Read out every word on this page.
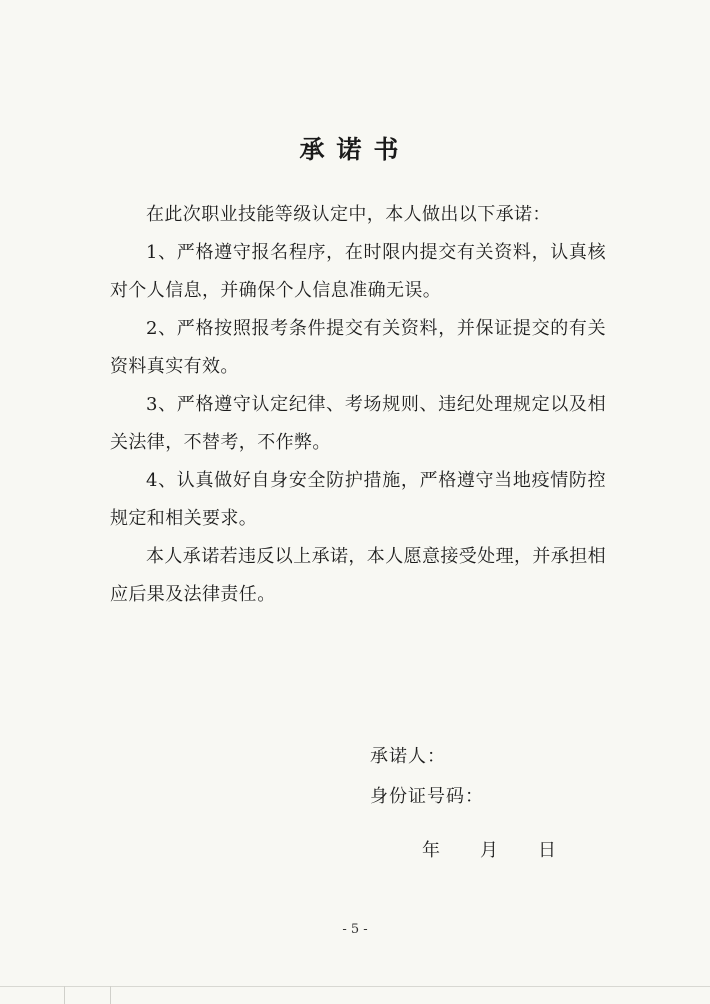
承诺书

在此次职业技能等级认定中，本人做出以下承诺：

1、严格遵守报名程序，在时限内提交有关资料，认真核对个人信息，并确保个人信息准确无误。

2、严格按照报考条件提交有关资料，并保证提交的有关资料真实有效。

3、严格遵守认定纪律、考场规则、违纪处理规定以及相关法律，不替考，不作弊。

4、认真做好自身安全防护措施，严格遵守当地疫情防控规定和相关要求。

本人承诺若违反以上承诺，本人愿意接受处理，并承担相应后果及法律责任。

承诺人：
身份证号码：
年 月 日
- 5 -
